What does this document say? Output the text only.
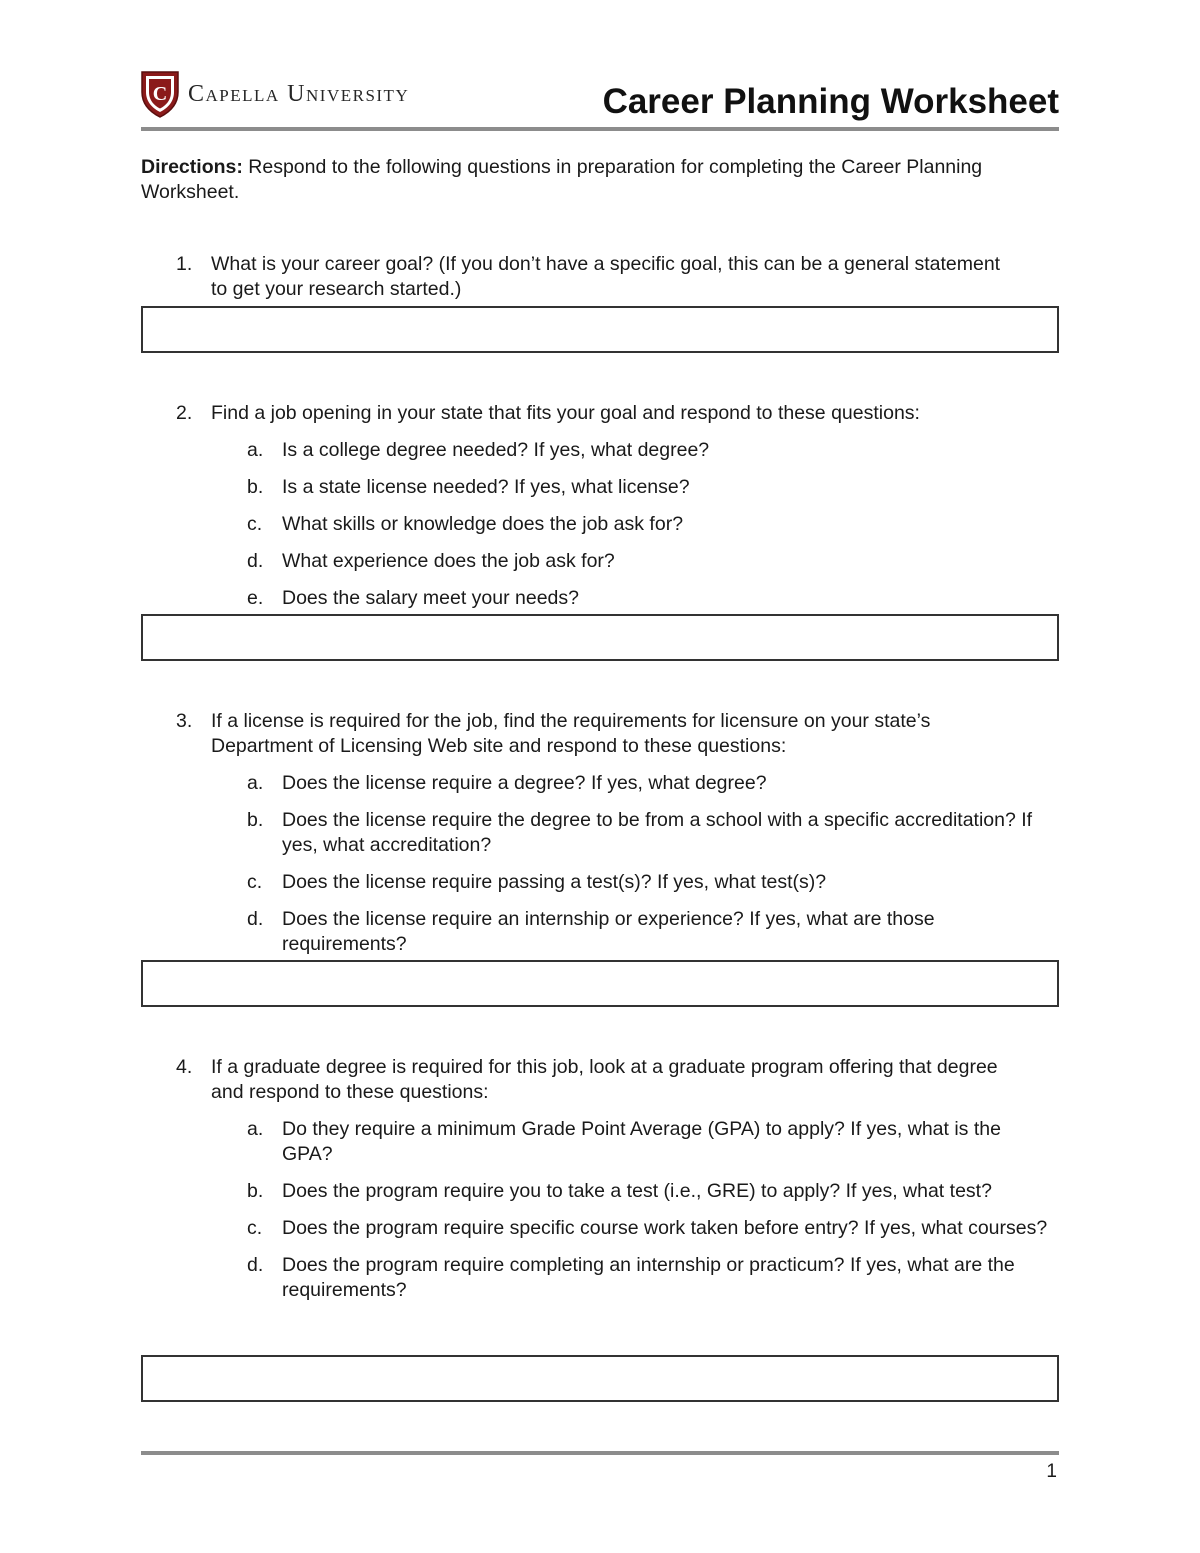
C Capella University	Career Planning Worksheet
Directions: Respond to the following questions in preparation for completing the Career Planning Worksheet.
1. What is your career goal? (If you don’t have a specific goal, this can be a general statement to get your research started.)
2. Find a job opening in your state that fits your goal and respond to these questions:
a. Is a college degree needed? If yes, what degree?
b. Is a state license needed? If yes, what license?
c.	What skills or knowledge does the job ask for?
d. What experience does the job ask for?
e. Does the salary meet your needs?
3. If a license is required for the job, find the requirements for licensure on your state’s Department of Licensing Web site and respond to these questions:
a. Does the license require a degree? If yes, what degree?
b. Does the license require the degree to be from a school with a specific accreditation? If yes, what accreditation?
c.	Does the license require passing a test(s)? If yes, what test(s)?
d. Does the license require an internship or experience? If yes, what are those requirements?
4. If a graduate degree is required for this job, look at a graduate program offering that degree and respond to these questions:
a. Do they require a minimum Grade Point Average (GPA) to apply? If yes, what is the GPA?
b. Does the program require you to take a test (i.e., GRE) to apply? If yes, what test?
c.	Does the program require specific course work taken before entry? If yes, what courses?
d. Does the program require completing an internship or practicum? If yes, what are the requirements?
1
